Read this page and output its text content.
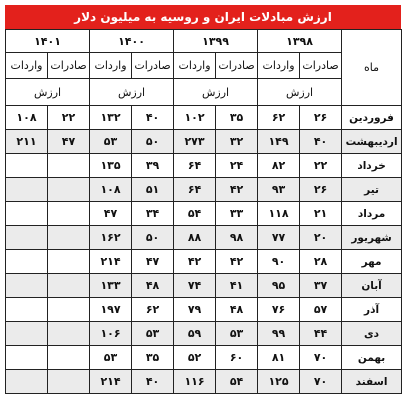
ارزش مبادلات ایران و روسیه به میلیون دلار
ماه	۱۳۹۸		۱۳۹۹		۱۴۰۰		۱۴۰۱	
	صادرات	واردات	صادرات	واردات	صادرات	واردات	صادرات	واردات
	ارزش		ارزش		ارزش		ارزش	
فروردین	۲۶	۶۲	۳۵	۱۰۲	۴۰	۱۳۲	۲۲	۱۰۸
اردیبهشت	۴۰	۱۴۹	۳۲	۲۷۳	۵۰	۵۳	۴۷	۲۱۱
خرداد	۲۲	۸۲	۲۴	۶۴	۳۹	۱۳۵		
تیر	۲۶	۹۳	۴۲	۶۴	۵۱	۱۰۸		
مرداد	۲۱	۱۱۸	۳۳	۵۴	۳۴	۴۷		
شهریور	۲۰	۷۷	۹۸	۸۸	۵۰	۱۶۲		
مهر	۲۸	۹۰	۴۲	۴۲	۴۷	۲۱۴		
آبان	۳۷	۹۵	۴۱	۷۴	۴۸	۱۳۳		
آذر	۵۷	۷۶	۴۸	۷۹	۶۲	۱۹۷		
دی	۴۴	۹۹	۵۳	۵۹	۵۳	۱۰۶		
بهمن	۷۰	۸۱	۶۰	۵۲	۳۵	۵۳		
اسفند	۷۰	۱۲۵	۵۴	۱۱۶	۴۰	۲۱۴		
